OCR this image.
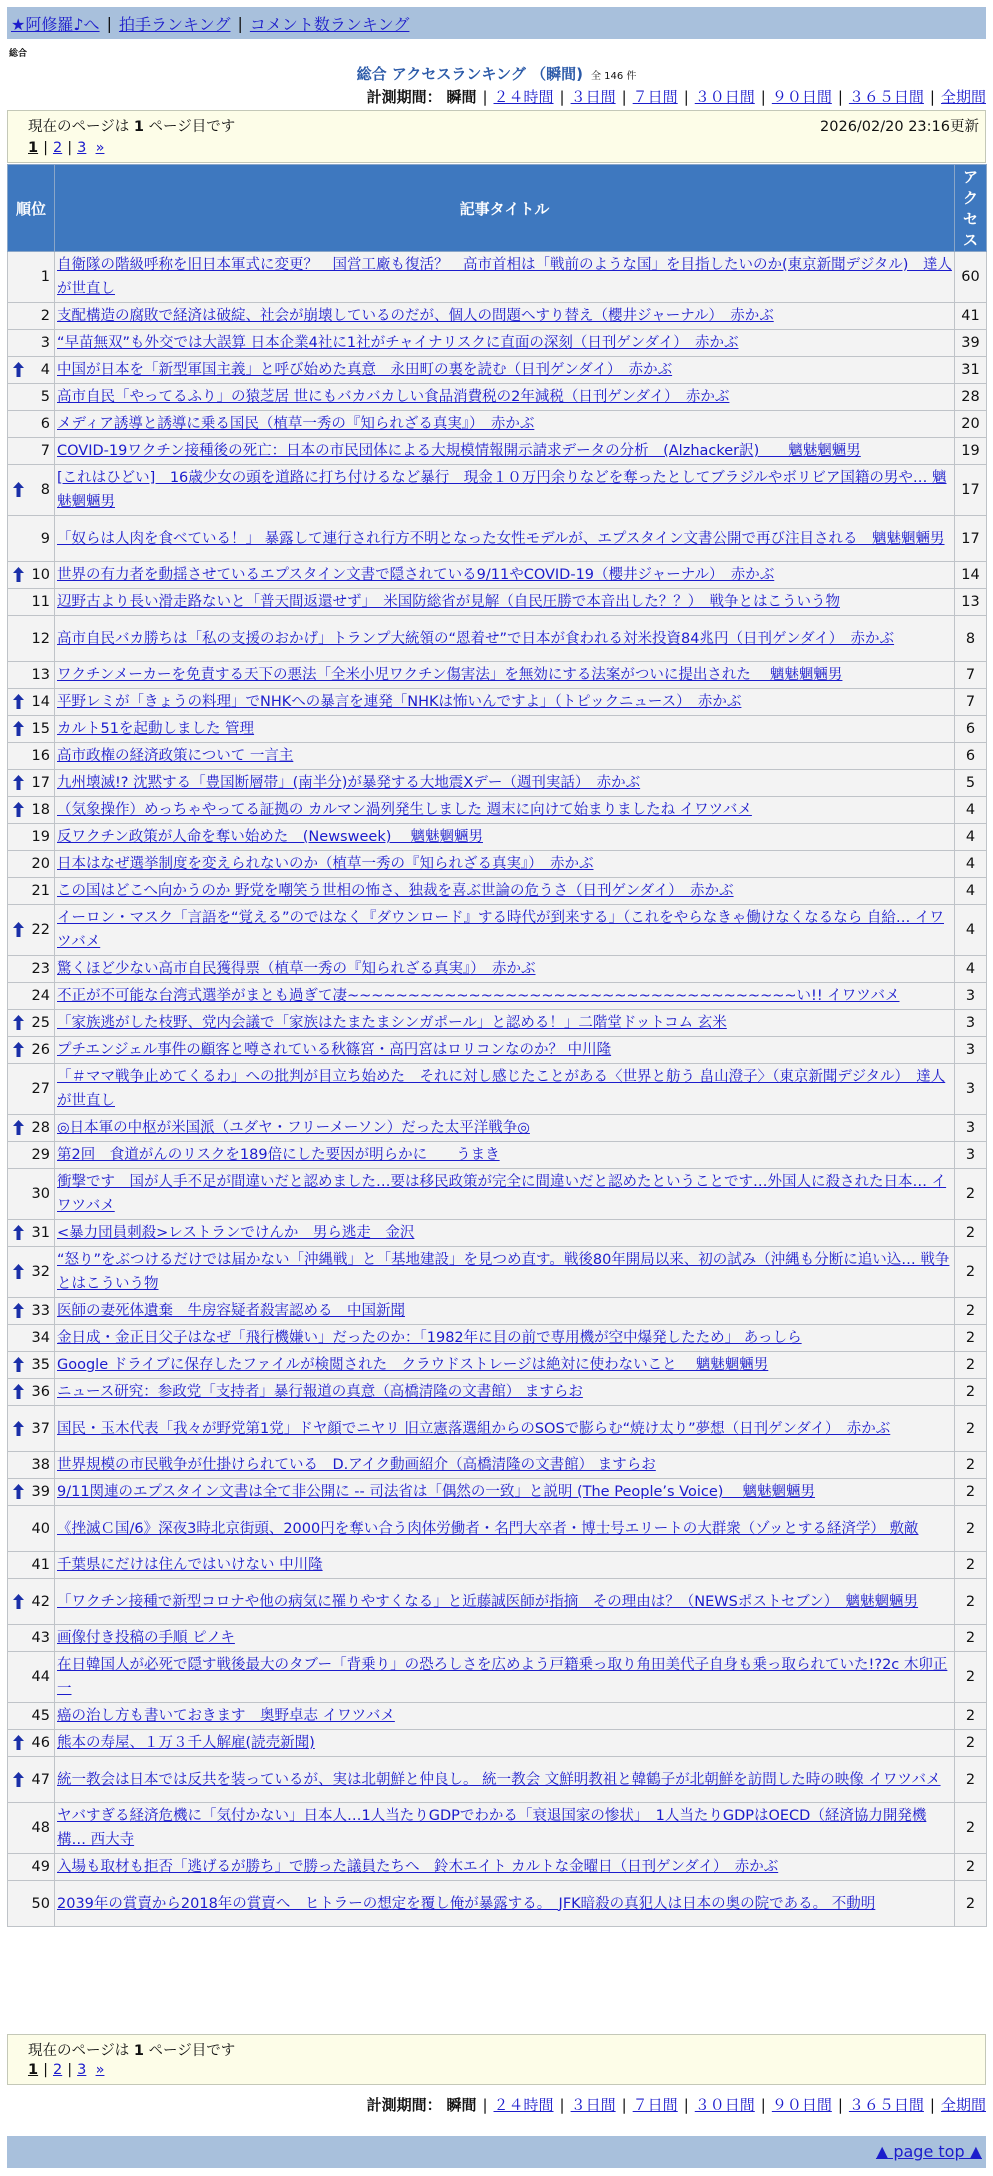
★阿修羅♪へ | 拍手ランキング | コメント数ランキング
総合
総合 アクセスランキング （瞬間) 全 146 件
計測期間： 瞬間 | ２４時間 | ３日間 | ７日間 | ３０日間 | ９０日間 | ３６５日間 | 全期間
現在のページは 1 ページ目です	2026/02/20 23:16更新
1 | 2 | 3 »
順位	記事タイトル	アクセス
1	自衛隊の階級呼称を旧日本軍式に変更？　国営工廠も復活？　高市首相は「戦前のような国」を目指したいのか(東京新聞デジタル)　達人が世直し	60
2	支配構造の腐敗で経済は破綻、社会が崩壊しているのだが、個人の問題へすり替え（櫻井ジャーナル）　赤かぶ	41
3	“早苗無双”も外交では大誤算 日本企業4社に1社がチャイナリスクに直面の深刻（日刊ゲンダイ）　赤かぶ	39

4	中国が日本を「新型軍国主義」と呼び始めた真意　永田町の裏を読む（日刊ゲンダイ）　赤かぶ	31
5	高市自民「やってるふり」の猿芝居 世にもバカバカしい食品消費税の2年減税（日刊ゲンダイ）　赤かぶ	28
6	メディア誘導と誘導に乗る国民（植草一秀の『知られざる真実』）　赤かぶ	20
7	COVID-19ワクチン接種後の死亡：日本の市民団体による大規模情報開示請求データの分析　(Alzhacker訳)　　魑魅魍魎男	19

8	[これはひどい]　16歳少女の頭を道路に打ち付けるなど暴行　現金１０万円余りなどを奪ったとしてブラジルやボリビア国籍の男や… 魑魅魍魎男	17
9	「奴らは人肉を食べている！」 暴露して連行され行方不明となった女性モデルが、エプスタイン文書公開で再び注目される　魑魅魍魎男	17

10	世界の有力者を動揺させているエプスタイン文書で隠されている9/11やCOVID-19（櫻井ジャーナル）　赤かぶ	14
11	辺野古より長い滑走路ないと「普天間返還せず」　米国防総省が見解（自民圧勝で本音出した？？）　戦争とはこういう物	13
12	高市自民バカ勝ちは「私の支援のおかげ」トランプ大統領の“恩着せ”で日本が食われる対米投資84兆円（日刊ゲンダイ）　赤かぶ	8
13	ワクチンメーカーを免責する天下の悪法「全米小児ワクチン傷害法」を無効にする法案がついに提出された　 魑魅魍魎男	7

14	平野レミが「きょうの料理」でNHKへの暴言を連発「NHKは怖いんですよ」（トピックニュース）　赤かぶ	7

15	カルト51を起動しました 管理	6
16	高市政権の経済政策について 一言主	6

17	九州壊滅!? 沈黙する「豊国断層帯」(南半分)が暴発する大地震Xデー（週刊実話）　赤かぶ	5

18	（気象操作）めっちゃやってる証拠の カルマン渦列発生しました 週末に向けて始まりましたね イワツバメ	4
19	反ワクチン政策が人命を奪い始めた　(Newsweek)　 魑魅魍魎男	4
20	日本はなぜ選挙制度を変えられないのか（植草一秀の『知られざる真実』）　赤かぶ	4
21	この国はどこへ向かうのか 野党を嘲笑う世相の怖さ、独裁を喜ぶ世論の危うさ（日刊ゲンダイ）　赤かぶ	4

22	イーロン・マスク「言語を“覚える”のではなく『ダウンロード』する時代が到来する」（これをやらなきゃ働けなくなるなら 自給… イワツバメ	4
23	驚くほど少ない高市自民獲得票（植草一秀の『知られざる真実』）　赤かぶ	4
24	不正が不可能な台湾式選挙がまとも過ぎて凄~~~~~~~~~~~~~~~~~~~~~~~~~~~~~~~~~~~~~い!! イワツバメ	3

25	「家族逃がした枝野、党内会議で「家族はたまたまシンガポール」と認める！」二階堂ドットコム 玄米	3

26	プチエンジェル事件の顧客と噂されている秋篠宮・高円宮はロリコンなのか？ 中川隆	3
27	「＃ママ戦争止めてくるわ」への批判が目立ち始めた　それに対し感じたことがある〈世界と舫う 畠山澄子〉（東京新聞デジタル）　達人が世直し	3

28	◎日本軍の中枢が米国派（ユダヤ・フリーメーソン）だった太平洋戦争◎	3
29	第2回　食道がんのリスクを189倍にした要因が明らかに　　うまき	3
30	衝撃です　国が人手不足が間違いだと認めました…要は移民政策が完全に間違いだと認めたということです…外国人に殺された日本… イワツバメ	2

31	<暴力団員刺殺>レストランでけんか　男ら逃走　金沢	2

32	“怒り”をぶつけるだけでは届かない「沖縄戦」と「基地建設」を見つめ直す。戦後80年開局以来、初の試み（沖縄も分断に追い込… 戦争とはこういう物	2

33	医師の妻死体遺棄　牛房容疑者殺害認める　中国新聞	2
34	金日成・金正日父子はなぜ「飛行機嫌い」だったのか：「1982年に目の前で専用機が空中爆発したため」 あっしら	2

35	Google ドライブに保存したファイルが検閲された　クラウドストレージは絶対に使わないこと　 魑魅魍魎男	2

36	ニュース研究：参政党「支持者」暴行報道の真意（高橋清隆の文書館） ますらお	2

37	国民・玉木代表「我々が野党第1党」ドヤ顔でニヤリ 旧立憲落選組からのSOSで膨らむ“焼け太り”夢想（日刊ゲンダイ）　赤かぶ	2
38	世界規模の市民戦争が仕掛けられている　D.アイク動画紹介（高橋清隆の文書館） ますらお	2

39	9/11関連のエプスタイン文書は全て非公開に -- 司法省は「偶然の一致」と説明 (The People’s Voice)　 魑魅魍魎男	2
40	《挫滅Ｃ国/6》深夜3時北京街頭、2000円を奪い合う肉体労働者・名門大卒者・博士号エリートの大群衆（ゾッとする経済学） 敷敵	2
41	千葉県にだけは住んではいけない 中川隆	2

42	「ワクチン接種で新型コロナや他の病気に罹りやすくなる」と近藤誠医師が指摘　その理由は？（NEWSポストセブン）　魑魅魍魎男	2
43	画像付き投稿の手順 ピノキ	2
44	在日韓国人が必死で隠す戦後最大のタブー「背乗り」の恐ろしさを広めよう戸籍乗っ取り角田美代子自身も乗っ取られていた!?2c 木卯正一	2
45	癌の治し方も書いておきます　奥野卓志 イワツバメ	2

46	熊本の寿屋、１万３千人解雇(読売新聞)	2

47	統一教会は日本では反共を装っているが、実は北朝鮮と仲良し。 統一教会 文鮮明教祖と韓鶴子が北朝鮮を訪問した時の映像 イワツバメ	2
48	ヤバすぎる経済危機に「気付かない」日本人…1人当たりGDPでわかる「衰退国家の惨状」　1人当たりGDPはOECD（経済協力開発機構… 西大寺	2
49	入場も取材も拒否「逃げるが勝ち」で勝った議員たちへ　鈴木エイト カルトな金曜日（日刊ゲンダイ）　赤かぶ	2
50	2039年の賞賣から2018年の賞賣へ　ヒトラーの想定を覆し俺が暴露する。　JFK暗殺の真犯人は日本の奥の院である。 不動明	2
現在のページは 1 ページ目です
1 | 2 | 3 »
計測期間： 瞬間 | ２４時間 | ３日間 | ７日間 | ３０日間 | ９０日間 | ３６５日間 | 全期間
▲ page top ▲
